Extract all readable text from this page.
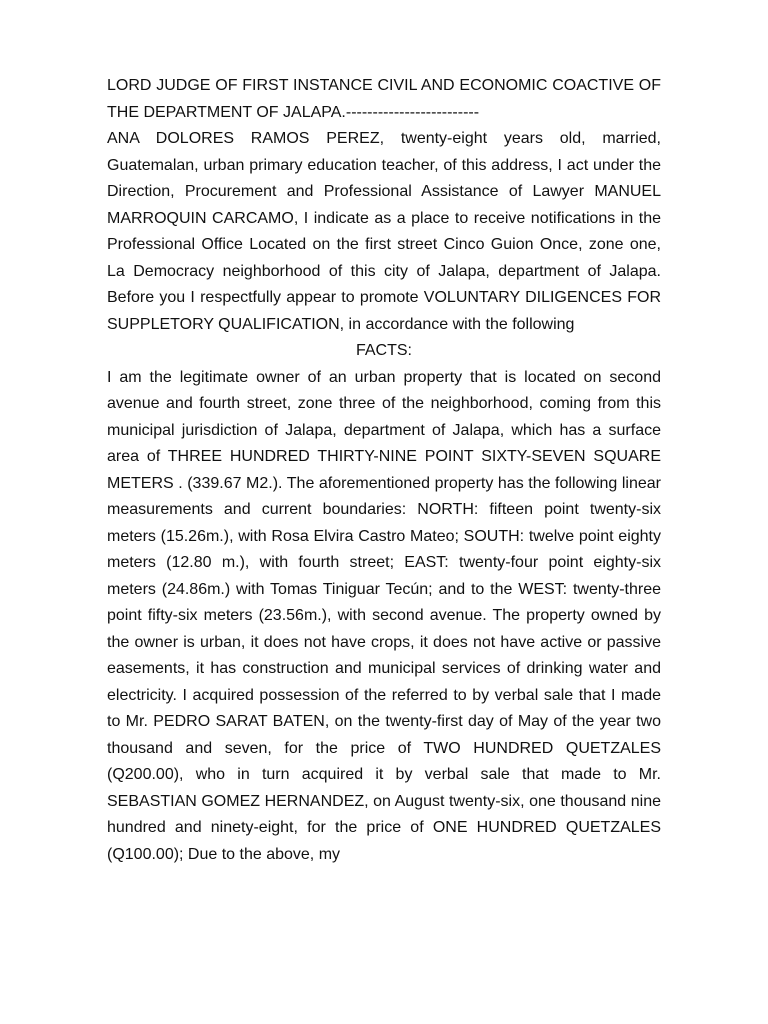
LORD JUDGE OF FIRST INSTANCE CIVIL AND ECONOMIC COACTIVE OF THE DEPARTMENT OF JALAPA.-------------------------

ANA DOLORES RAMOS PEREZ, twenty-eight years old, married, Guatemalan, urban primary education teacher, of this address, I act under the Direction, Procurement and Professional Assistance of Lawyer MANUEL MARROQUIN CARCAMO, I indicate as a place to receive notifications in the Professional Office Located on the first street Cinco Guion Once, zone one, La Democracy neighborhood of this city of Jalapa, department of Jalapa. Before you I respectfully appear to promote VOLUNTARY DILIGENCES FOR SUPPLETORY QUALIFICATION, in accordance with the following

FACTS:

I am the legitimate owner of an urban property that is located on second avenue and fourth street, zone three of the neighborhood, coming from this municipal jurisdiction of Jalapa, department of Jalapa, which has a surface area of THREE HUNDRED THIRTY-NINE POINT SIXTY-SEVEN SQUARE METERS . (339.67 M2.). The aforementioned property has the following linear measurements and current boundaries: NORTH: fifteen point twenty-six meters (15.26m.), with Rosa Elvira Castro Mateo; SOUTH: twelve point eighty meters (12.80 m.), with fourth street; EAST: twenty-four point eighty-six meters (24.86m.) with Tomas Tiniguar Tecún; and to the WEST: twenty-three point fifty-six meters (23.56m.), with second avenue. The property owned by the owner is urban, it does not have crops, it does not have active or passive easements, it has construction and municipal services of drinking water and electricity. I acquired possession of the referred to by verbal sale that I made to Mr. PEDRO SARAT BATEN, on the twenty-first day of May of the year two thousand and seven, for the price of TWO HUNDRED QUETZALES (Q200.00), who in turn acquired it by verbal sale that made to Mr. SEBASTIAN GOMEZ HERNANDEZ, on August twenty-six, one thousand nine hundred and ninety-eight, for the price of ONE HUNDRED QUETZALES (Q100.00); Due to the above, my
